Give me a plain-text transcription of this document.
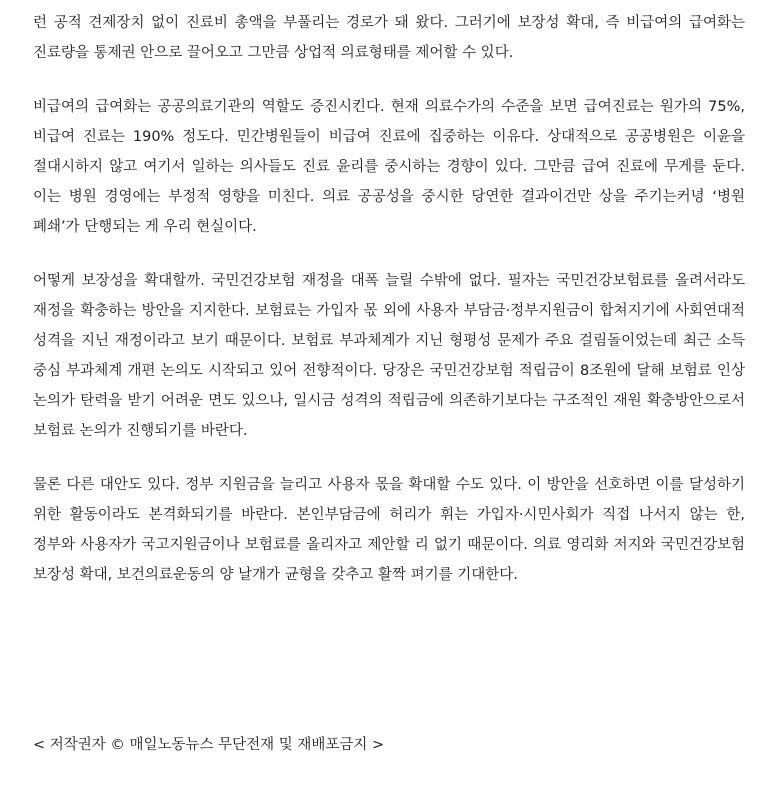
런 공적 견제장치 없이 진료비 총액을 부풀리는 경로가 돼 왔다. 그러기에 보장성 확대, 즉 비급여의 급여화는 진료량을 통제권 안으로 끌어오고 그만큼 상업적 의료형태를 제어할 수 있다.

비급여의 급여화는 공공의료기관의 역할도 증진시킨다. 현재 의료수가의 수준을 보면 급여진료는 원가의 75%, 비급여 진료는 190% 정도다. 민간병원들이 비급여 진료에 집중하는 이유다. 상대적으로 공공병원은 이윤을 절대시하지 않고 여기서 일하는 의사들도 진료 윤리를 중시하는 경향이 있다. 그만큼 급여 진료에 무게를 둔다. 이는 병원 경영에는 부정적 영향을 미친다. 의료 공공성을 중시한 당연한 결과이건만 상을 주기는커녕 ‘병원 폐쇄’가 단행되는 게 우리 현실이다.

어떻게 보장성을 확대할까. 국민건강보험 재정을 대폭 늘릴 수밖에 없다. 필자는 국민건강보험료를 올려서라도 재정을 확충하는 방안을 지지한다. 보험료는 가입자 몫 외에 사용자 부담금·정부지원금이 합쳐지기에 사회연대적 성격을 지닌 재정이라고 보기 때문이다. 보험료 부과체계가 지닌 형평성 문제가 주요 걸림돌이었는데 최근 소득 중심 부과체계 개편 논의도 시작되고 있어 전향적이다. 당장은 국민건강보험 적립금이 8조원에 달해 보험료 인상 논의가 탄력을 받기 어려운 면도 있으나, 일시금 성격의 적립금에 의존하기보다는 구조적인 재원 확충방안으로서 보험료 논의가 진행되기를 바란다.

물론 다른 대안도 있다. 정부 지원금을 늘리고 사용자 몫을 확대할 수도 있다. 이 방안을 선호하면 이를 달성하기 위한 활동이라도 본격화되기를 바란다. 본인부담금에 허리가 휘는 가입자·시민사회가 직접 나서지 않는 한, 정부와 사용자가 국고지원금이나 보험료를 올리자고 제안할 리 없기 때문이다. 의료 영리화 저지와 국민건강보험 보장성 확대, 보건의료운동의 양 날개가 균형을 갖추고 활짝 펴기를 기대한다.

< 저작권자 © 매일노동뉴스 무단전재 및 재배포금지 >
